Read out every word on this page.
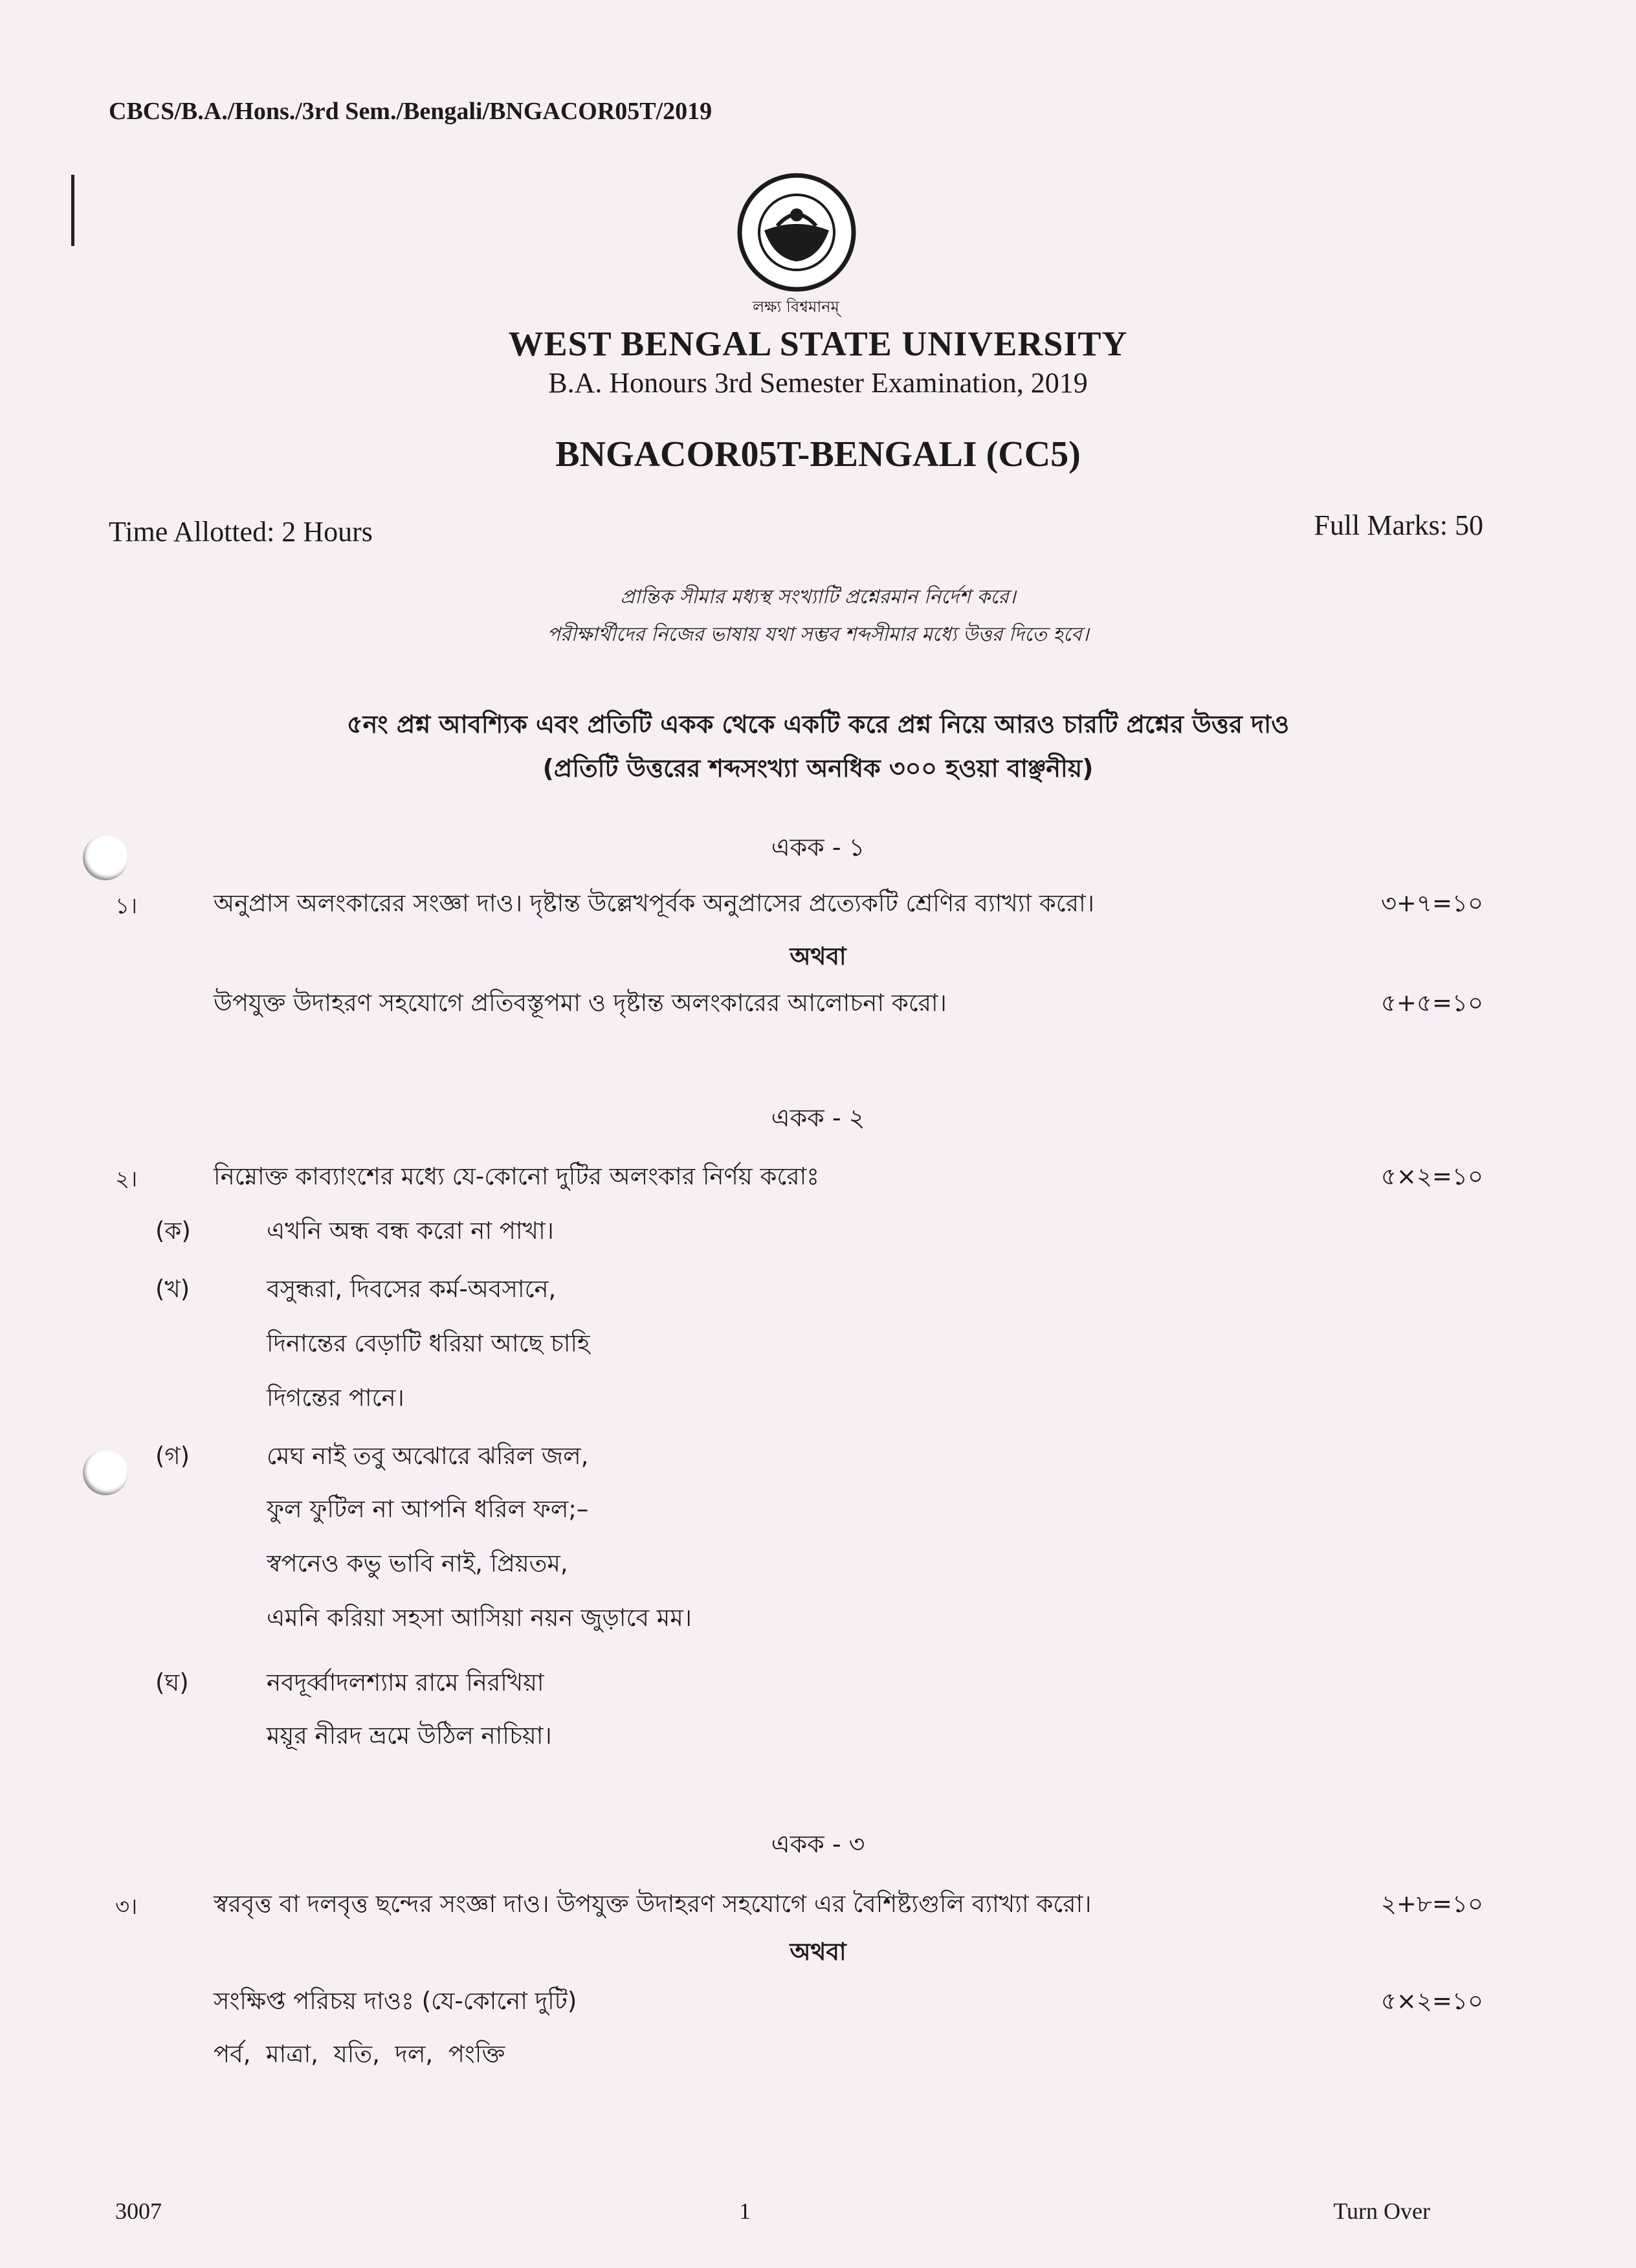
CBCS/B.A./Hons./3rd Sem./Bengali/BNGACOR05T/2019
লক্ষ্য বিশ্বমানম্
WEST BENGAL STATE UNIVERSITY
B.A. Honours 3rd Semester Examination, 2019
BNGACOR05T-BENGALI (CC5)
Time Allotted: 2 Hours	Full Marks: 50
প্রান্তিক সীমার মধ্যস্থ সংখ্যাটি প্রশ্নেরমান নির্দেশ করে।
পরীক্ষার্থীদের নিজের ভাষায় যথা সম্ভব শব্দসীমার মধ্যে উত্তর দিতে হবে।
৫নং প্রশ্ন আবশ্যিক এবং প্রতিটি একক থেকে একটি করে প্রশ্ন নিয়ে আরও চারটি প্রশ্নের উত্তর দাও
(প্রতিটি উত্তরের শব্দসংখ্যা অনধিক ৩০০ হওয়া বাঞ্ছনীয়)
একক - ১
১।	অনুপ্রাস অলংকারের সংজ্ঞা দাও। দৃষ্টান্ত উল্লেখপূর্বক অনুপ্রাসের প্রত্যেকটি শ্রেণির ব্যাখ্যা করো।	৩+৭=১০
অথবা
উপযুক্ত উদাহরণ সহযোগে প্রতিবস্তূপমা ও দৃষ্টান্ত অলংকারের আলোচনা করো।	৫+৫=১০
একক - ২
২।	নিম্নোক্ত কাব্যাংশের মধ্যে যে-কোনো দুটির অলংকার নির্ণয় করোঃ	৫×২=১০
(ক)	এখনি অন্ধ বন্ধ করো না পাখা।
(খ)	বসুন্ধরা, দিবসের কর্ম-অবসানে,
দিনান্তের বেড়াটি ধরিয়া আছে চাহি
দিগন্তের পানে।
(গ)	মেঘ নাই তবু অঝোরে ঝরিল জল,
ফুল ফুটিল না আপনি ধরিল ফল;–
স্বপনেও কভু ভাবি নাই, প্রিয়তম,
এমনি করিয়া সহসা আসিয়া নয়ন জুড়াবে মম।
(ঘ)	নবদূর্ব্বাদলশ্যাম রামে নিরখিয়া
ময়ূর নীরদ ভ্রমে উঠিল নাচিয়া।
একক - ৩
৩।	স্বরবৃত্ত বা দলবৃত্ত ছন্দের সংজ্ঞা দাও। উপযুক্ত উদাহরণ সহযোগে এর বৈশিষ্ট্যগুলি ব্যাখ্যা করো।	২+৮=১০
অথবা
সংক্ষিপ্ত পরিচয় দাওঃ (যে-কোনো দুটি)	৫×২=১০
পর্ব,  মাত্রা,  যতি,  দল,  পংক্তি
3007	1	Turn Over
